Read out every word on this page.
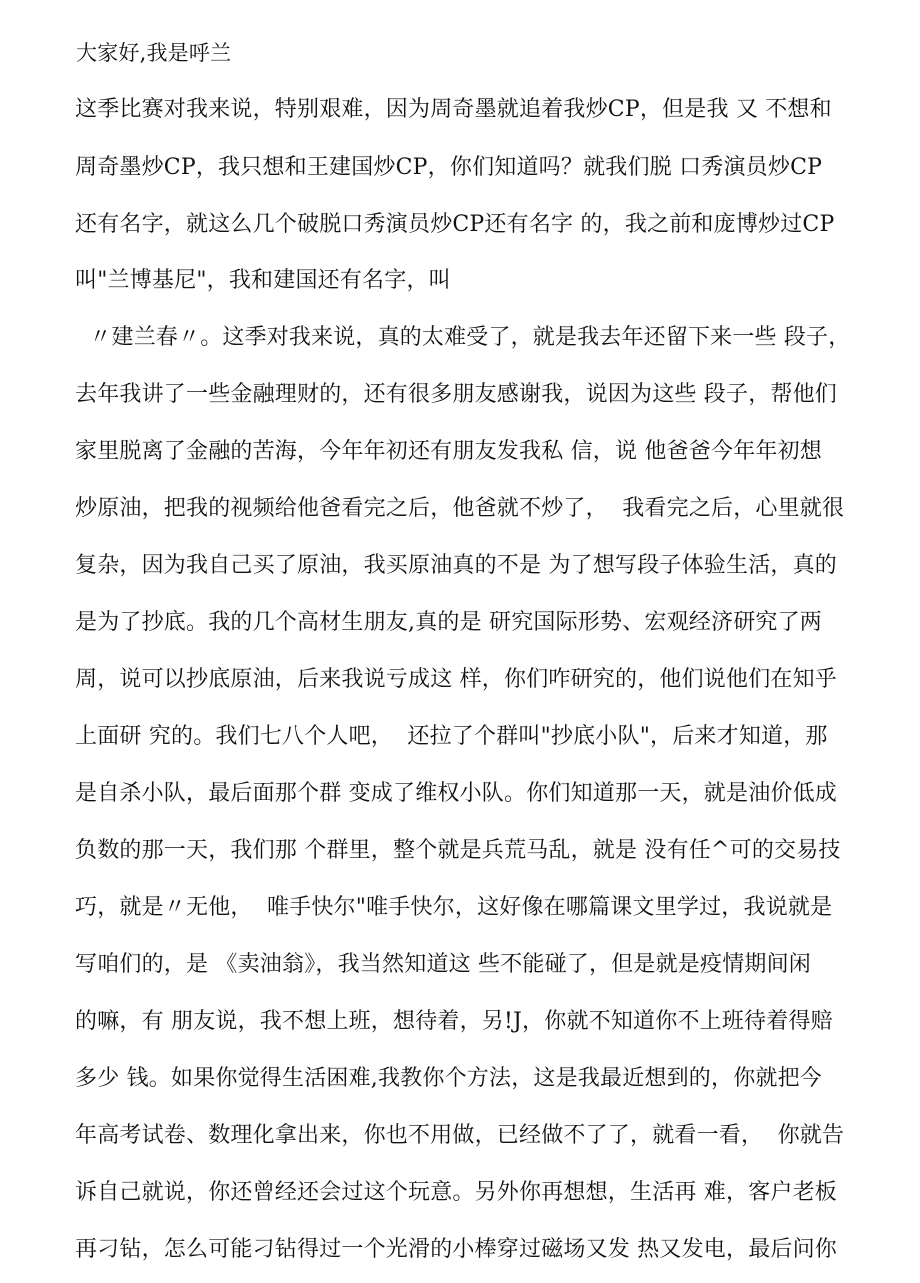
大家好,我是呼兰
这季比赛对我来说，特别艰难，因为周奇墨就追着我炒CP，但是我 又 不想和
周奇墨炒CP，我只想和王建国炒CP，你们知道吗？就我们脱 口秀演员炒CP
还有名字，就这么几个破脱口秀演员炒CP还有名字 的，我之前和庞博炒过CP
叫"兰博基尼"，我和建国还有名字，叫
〃建兰春〃。这季对我来说，真的太难受了，就是我去年还留下来一些 段子，
去年我讲了一些金融理财的，还有很多朋友感谢我，说因为这些 段子，帮他们
家里脱离了金融的苦海，今年年初还有朋友发我私 信，说 他爸爸今年年初想
炒原油，把我的视频给他爸看完之后，他爸就不炒了，  我看完之后，心里就很
复杂，因为我自己买了原油，我买原油真的不是 为了想写段子体验生活，真的
是为了抄底。我的几个高材生朋友,真的是 研究国际形势、宏观经济研究了两
周，说可以抄底原油，后来我说亏成这 样，你们咋研究的，他们说他们在知乎
上面研 究的。我们七八个人吧，  还拉了个群叫"抄底小队"，后来才知道，那
是自杀小队，最后面那个群 变成了维权小队。你们知道那一天，就是油价低成
负数的那一天，我们那 个群里，整个就是兵荒马乱，就是 没有任^可的交易技
巧，就是〃无他，  唯手快尔"唯手快尔，这好像在哪篇课文里学过，我说就是
写咱们的，是 《卖油翁》，我当然知道这 些不能碰了，但是就是疫情期间闲
的嘛，有 朋友说，我不想上班，想待着，另!J，你就不知道你不上班待着得赔
多少 钱。如果你觉得生活困难,我教你个方法，这是我最近想到的，你就把今
年高考试卷、数理化拿出来，你也不用做，已经做不了了，就看一看，  你就告
诉自己就说，你还曾经还会过这个玩意。另外你再想想，生活再 难，客户老板
再刁钻，怎么可能刁钻得过一个光滑的小棒穿过磁场又发 热又发电，最后问你
